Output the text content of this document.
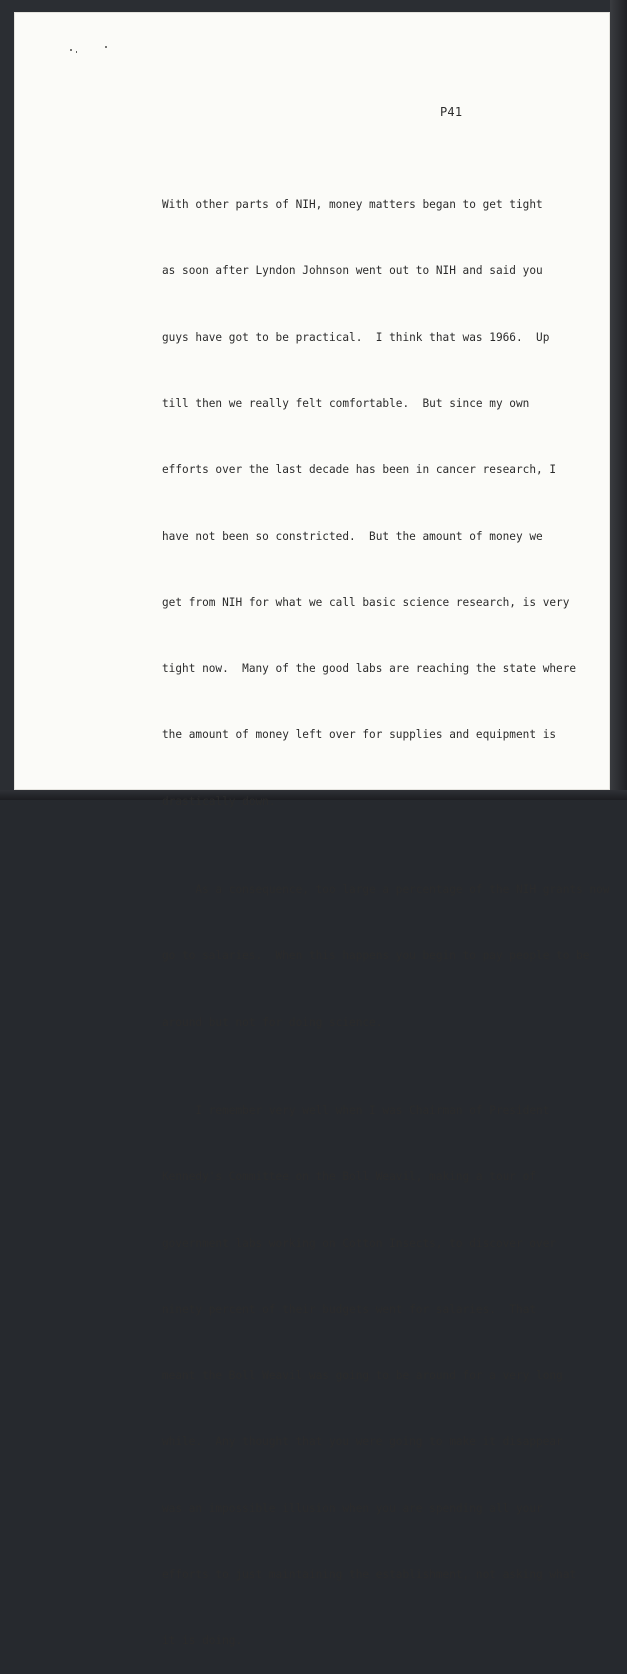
P41

With other parts of NIH, money matters began to get tight

as soon after Lyndon Johnson went out to NIH and said you

guys have got to be practical.  I think that was 1966.  Up

till then we really felt comfortable.  But since my own

efforts over the last decade has been in cancer research, I

have not been so constricted.  But the amount of money we

get from NIH for what we call basic science research, is very

tight now.  Many of the good labs are reaching the state where

the amount of money left over for supplies and equipment is

drastically down.

As a consequence, too large a percentage of the NIH grants now

go to salaries.  When this happens you begin to pay people to be

around but not for doing science.

I remember very well when I was Chairman of President

Kennedy's Committee on the Boll Weavil, making a tour of

government labs working on Cotton Insects, to discover over

ninety percent of their budgets went for salaries.  That

meant the Boll Weavil was going to be around for a very long

while.  Any thought that you were going to make it disappear

was an impossible illusion when you are spending all your

efforts to just maintaining the establishment, not asking what

it is doing.
